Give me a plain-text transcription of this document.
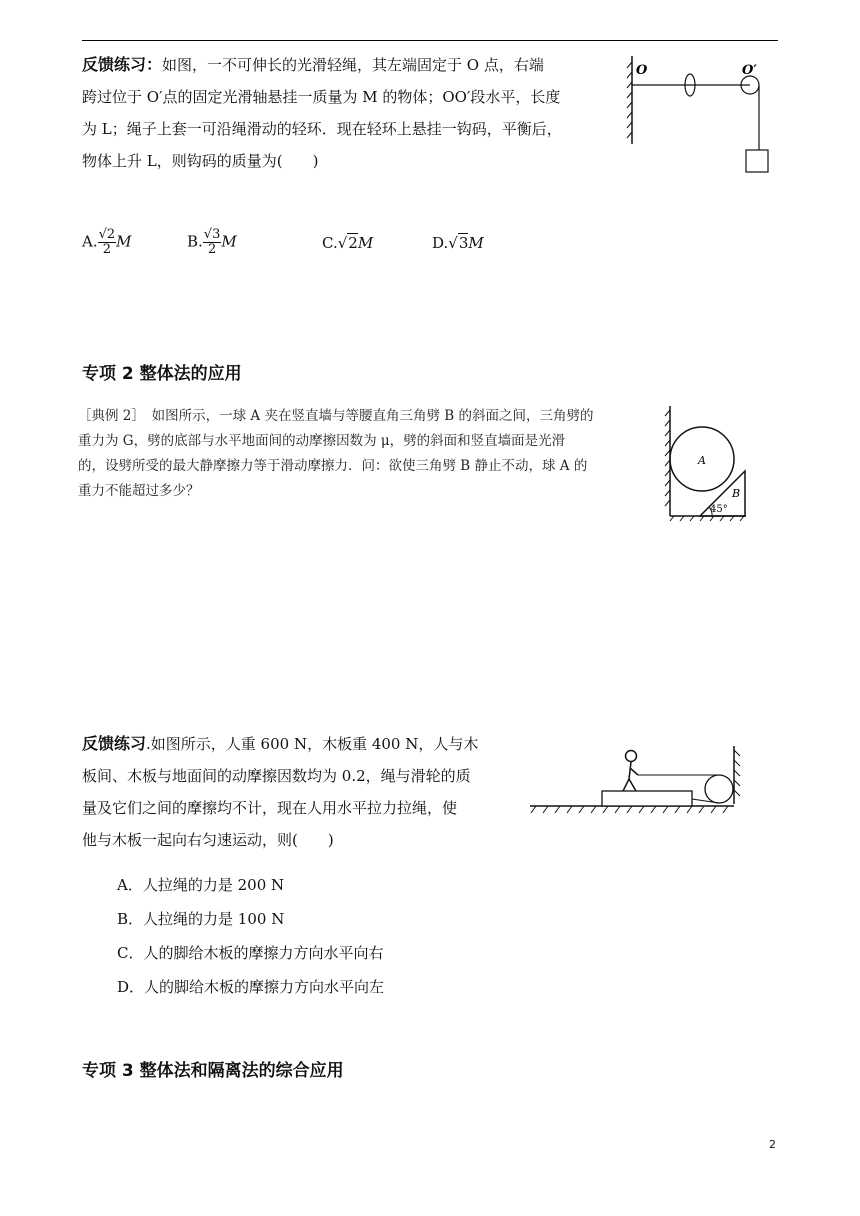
反馈练习：如图，一不可伸长的光滑轻绳，其左端固定于 O 点，右端
跨过位于 O′点的固定光滑轴悬挂一质量为 M 的物体；OO′段水平，长度
为 L；绳子上套一可沿绳滑动的轻环．现在轻环上悬挂一钩码，平衡后，
物体上升 L，则钩码的质量为(　　)
O	O′
A. $\frac{√2}{2}$ M	B. $\frac{√3}{2}$ M	C.√2M	D.√3M
专项 2 整体法的应用
［典例 2］　如图所示，一球 A 夹在竖直墙与等腰直角三角劈 B 的斜面之间，三角劈的
重力为 G，劈的底部与水平地面间的动摩擦因数为 μ，劈的斜面和竖直墙面是光滑
的，设劈所受的最大静摩擦力等于滑动摩擦力．问：欲使三角劈 B 静止不动，球 A 的
重力不能超过多少？
A
B
45°
反馈练习.如图所示，人重 600 N，木板重 400 N，人与木
板间、木板与地面间的动摩擦因数均为 0.2，绳与滑轮的质
量及它们之间的摩擦均不计，现在人用水平拉力拉绳，使
他与木板一起向右匀速运动，则(　　)
A．人拉绳的力是 200 N
B．人拉绳的力是 100 N
C．人的脚给木板的摩擦力方向水平向右
D．人的脚给木板的摩擦力方向水平向左
专项 3 整体法和隔离法的综合应用
2
